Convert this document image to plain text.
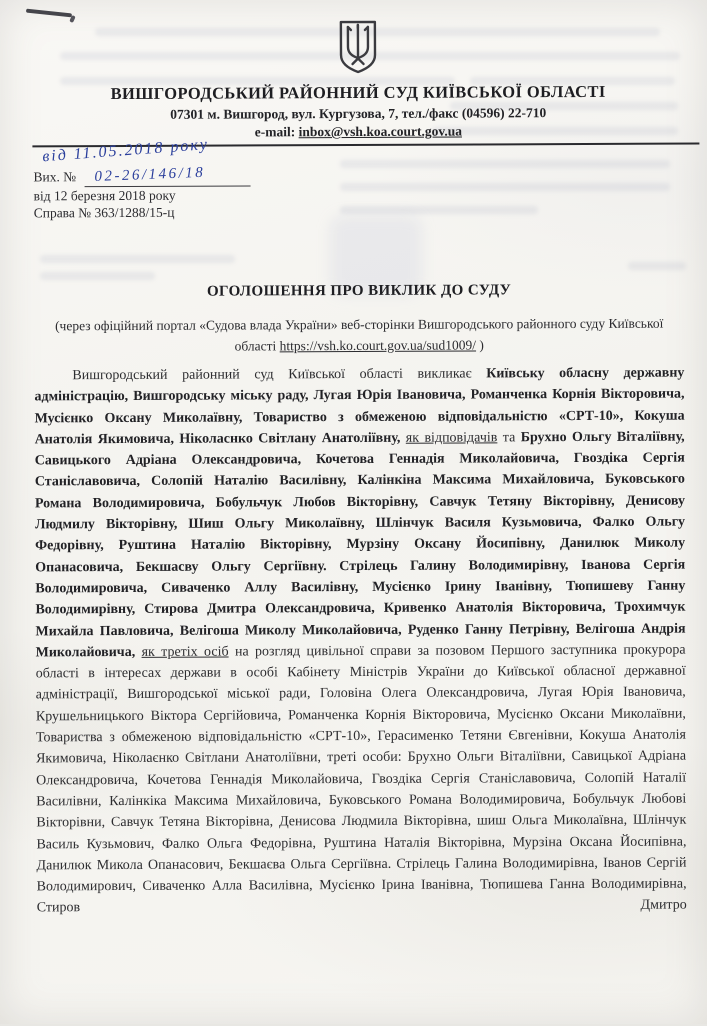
ВИШГОРОДСЬКИЙ РАЙОННИЙ СУД КИЇВСЬКОЇ ОБЛАСТІ
07301 м. Вишгород, вул. Кургузова, 7, тел./факс (04596) 22-710
e-mail: inbox@vsh.koa.court.gov.ua
від 11.05.2018 року
Вих. № 02-26/146/18
від 12 березня 2018 року
Справа № 363/1288/15-ц
ОГОЛОШЕННЯ ПРО ВИКЛИК ДО СУДУ

(через офіційний портал «Судова влада України» веб-сторінки Вишгородського районного суду Київської області https://vsh.ko.court.gov.ua/sud1009/ )

Вишгородський районний суд Київської області викликає Київську обласну державну адміністрацію, Вишгородську міську раду, Лугая Юрія Івановича, Романченка Корнія Вікторовича, Мусієнко Оксану Миколаївну, Товариство з обмеженою відповідальністю «СРТ-10», Кокуша Анатолія Якимовича, Ніколаснко Світлану Анатоліївну, як відповідачів та Брухно Ольгу Віталіївну, Савицького Адріана Олександровича, Кочетова Геннадія Миколайовича, Гвоздіка Сергія Станіславовича, Солопій Наталію Василівну, Калінкіна Максима Михайловича, Буковського Романа Володимировича, Бобульчук Любов Вікторівну, Савчук Тетяну Вікторівну, Денисову Людмилу Вікторівну, Шиш Ольгу Миколаївну, Шлінчук Василя Кузьмовича, Фалко Ольгу Федорівну, Руштина Наталію Вікторівну, Мурзіну Оксану Йосипівну, Данилюк Миколу Опанасовича, Бекшасву Ольгу Сергіївну. Стрілець Галину Володимирівну, Іванова Сергія Володимировича, Сиваченко Аллу Василівну, Мусієнко Ірину Іванівну, Тюпишеву Ганну Володимирівну, Стирова Дмитра Олександровича, Кривенко Анатолія Вікторовича, Трохимчук Михайла Павловича, Велігоша Миколу Миколайовича, Руденко Ганну Петрівну, Велігоша Андрія Миколайовича, як третіх осіб на розгляд цивільної справи за позовом Першого заступника прокурора області в інтересах держави в особі Кабінету Міністрів України до Київської обласної державної адміністрації, Вишгородської міської ради, Головіна Олега Олександровича, Лугая Юрія Івановича, Крушельницького Віктора Сергійовича, Романченка Корнія Вікторовича, Мусієнко Оксани Миколаївни, Товариства з обмеженою відповідальністю «СРТ-10», Герасименко Тетяни Євгенівни, Кокуша Анатолія Якимовича, Ніколаєнко Світлани Анатоліївни, треті особи: Брухно Ольги Віталіївни, Савицької Адріана Олександровича, Кочетова Геннадія Миколайовича, Гвоздіка Сергія Станіславовича, Солопій Наталії Василівни, Калінкіка Максима Михайловича, Буковського Романа Володимировича, Бобульчук Любові Вікторівни, Савчук Тетяна Вікторівна, Денисова Людмила Вікторівна, шиш Ольга Миколаївна, Шлінчук Василь Кузьмович, Фалко Ольга Федорівна, Руштина Наталія Вікторівна, Мурзіна Оксана Йосипівна, Данилюк Микола Опанасович, Бекшаєва Ольга Сергіївна. Стрілець Галина Володимирівна, Іванов Сергій Володимирович, Сиваченко Алла Василівна, Мусієнко Ірина Іванівна, Тюпишева Ганна Володимирівна, Стиров Дмитро
